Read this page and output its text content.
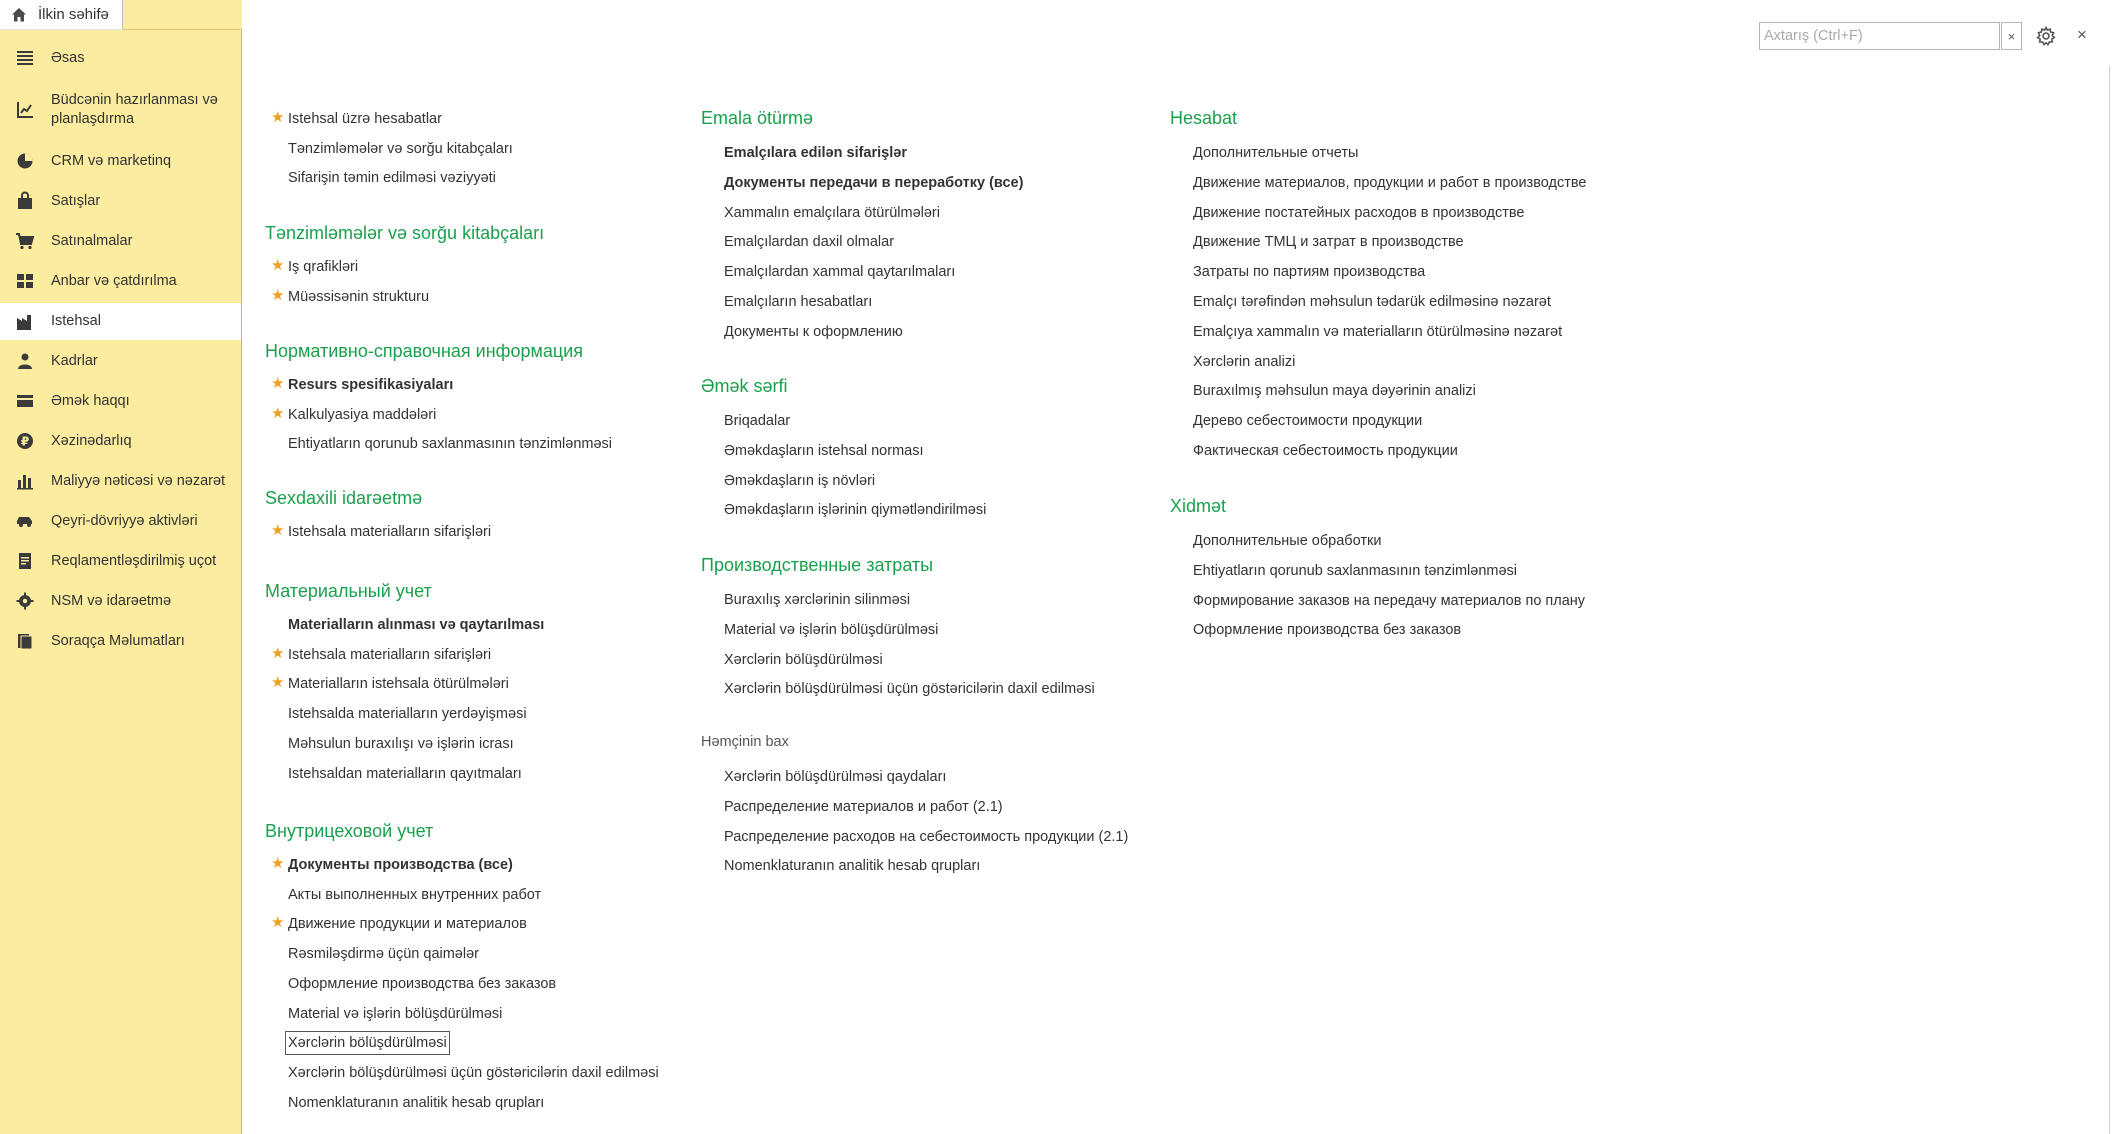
İlkin səhifə
Əsas
Büdcənin hazırlanması və planlaşdırma
CRM və marketinq
Satışlar
Satınalmalar
Anbar və çatdırılma
Istehsal
Kadrlar
Əmək haqqı
₽ Xəzinədarlıq
Maliyyə nəticəsi və nəzarət
Qeyri-dövriyyə aktivləri
Reqlamentləşdirilmiş uçot
NSM və idarəetmə
Soraqça Məlumatları
Axtarış (Ctrl+F)
×	×
★ Istehsal üzrə hesabatlar
Tənzimləmələr və sorğu kitabçaları
Sifarişin təmin edilməsi vəziyyəti
Tənzimləmələr və sorğu kitabçaları
★ Iş qrafikləri
★ Müəssisənin strukturu
Нормативно-справочная информация
★ Resurs spesifikasiyaları
★ Kalkulyasiya maddələri
Ehtiyatların qorunub saxlanmasının tənzimlənməsi
Sexdaxili idarəetmə
★ Istehsala materialların sifarişləri
Материальный учет
Materialların alınması və qaytarılması
★ Istehsala materialların sifarişləri
★ Materialların istehsala ötürülmələri
Istehsalda materialların yerdəyişməsi
Məhsulun buraxılışı və işlərin icrası
Istehsaldan materialların qayıtmaları
Внутрицеховой учет
★ Документы производства (все)
Акты выполненных внутренних работ
★ Движение продукции и материалов
Rəsmiləşdirmə üçün qaimələr
Оформление производства без заказов
Material və işlərin bölüşdürülməsi
Xərclərin bölüşdürülməsi
Xərclərin bölüşdürülməsi üçün göstəricilərin daxil edilməsi
Nomenklaturanın analitik hesab qrupları
Emala ötürmə
Emalçılara edilən sifarişlər
Документы передачи в переработку (все)
Xammalın emalçılara ötürülmələri
Emalçılardan daxil olmalar
Emalçılardan xammal qaytarılmaları
Emalçıların hesabatları
Документы к оформлению
Əmək sərfi
Briqadalar
Əməkdaşların istehsal norması
Əməkdaşların iş növləri
Əməkdaşların işlərinin qiymətləndirilməsi
Производственные затраты
Buraxılış xərclərinin silinməsi
Material və işlərin bölüşdürülməsi
Xərclərin bölüşdürülməsi
Xərclərin bölüşdürülməsi üçün göstəricilərin daxil edilməsi
Həmçinin bax
Xərclərin bölüşdürülməsi qaydaları
Распределение материалов и работ (2.1)
Распределение расходов на себестоимость продукции (2.1)
Nomenklaturanın analitik hesab qrupları
Hesabat
Дополнительные отчеты
Движение материалов, продукции и работ в производстве
Движение постатейных расходов в производстве
Движение ТМЦ и затрат в производстве
Затраты по партиям производства
Emalçı tərəfindən məhsulun tədarük edilməsinə nəzarət
Emalçıya xammalın və materialların ötürülməsinə nəzarət
Xərclərin analizi
Buraxılmış məhsulun maya dəyərinin analizi
Дерево себестоимости продукции
Фактическая себестоимость продукции
Xidmət
Дополнительные обработки
Ehtiyatların qorunub saxlanmasının tənzimlənməsi
Формирование заказов на передачу материалов по плану
Оформление производства без заказов
